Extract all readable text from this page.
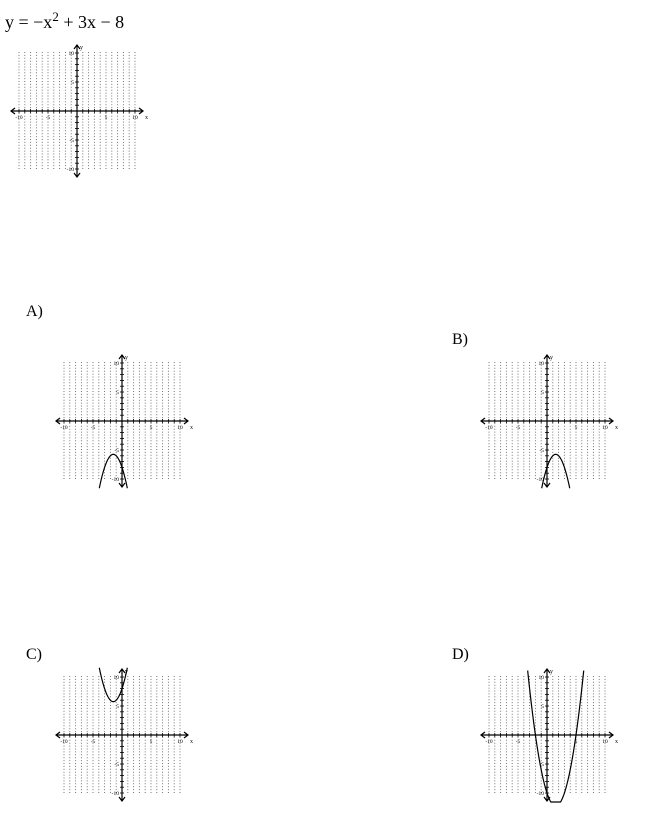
$y = -x^2 + 3x - 8$
-10	-5	5	10
10
5
-5
-10
x
y
A)
-10	-5	5	10
10
5
-5
-10
x
y
B)
-10	-5	5	10
10
5
-5
-10
x
y
C)
-10	-5	5	10
10
5
-5
-10
x
y
D)
-10	-5	5	10
10
5
-5
-10
x
y
